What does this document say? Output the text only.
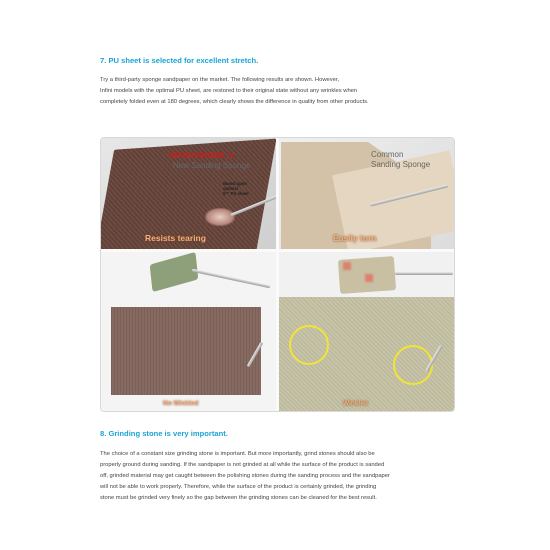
7. PU sheet is selected for excellent stretch.
Try a third-party sponge sandpaper on the market. The following results are shown. However,
Infini models with the optimal PU sheet, are restored to their original state without any wrinkles when
completely folded even at 180 degrees, which clearly shows the difference in quality from other products.
INFINI-MODEL's
New Sanding Sponge
Based upon
optimal
5™ PU sheet
Resists tearing
Common
Sanding Sponge
Easily torn
No Winkled	Winkled
8. Grinding stone is very important.
The choice of a constant size grinding stone is important. But more importantly, grind stones should also be
properly ground during sanding. If the sandpaper is not grinded at all while the surface of the product is sanded
off, grinded material may get caught between the polishing stones during the sanding process and the sandpaper
will not be able to work properly. Therefore, while the surface of the product is certainly grinded, the grinding
stone must be grinded very finely so the gap between the grinding stones can be cleaned for the best result.
